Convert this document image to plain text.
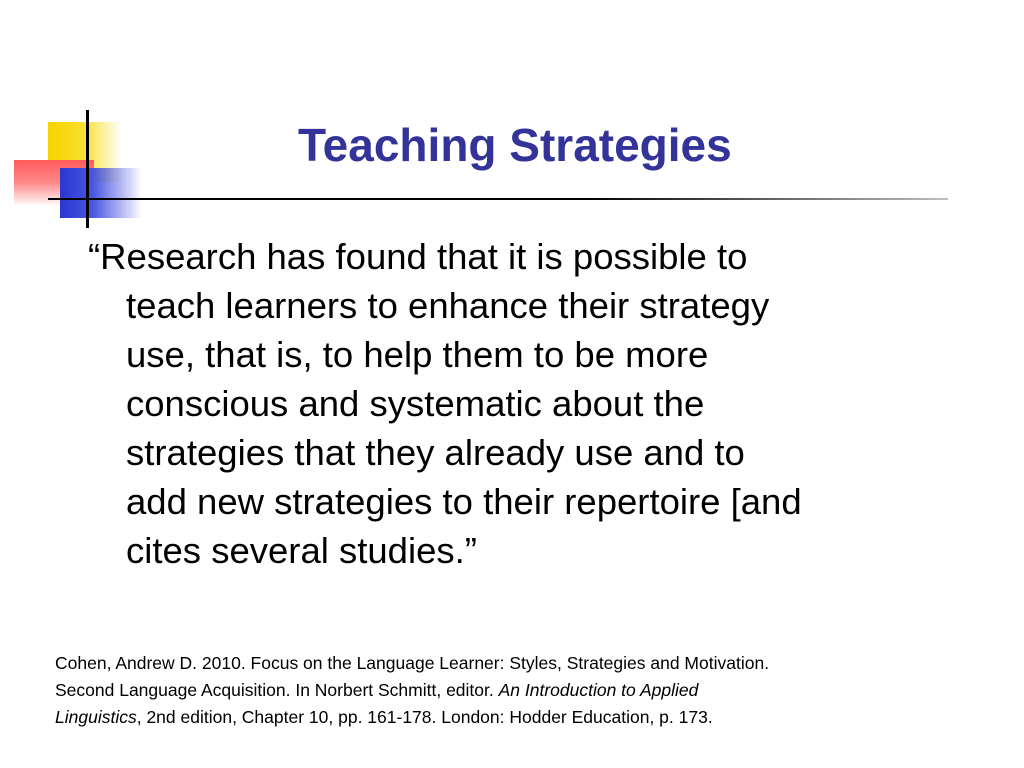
Teaching Strategies
“Research has found that it is possible to
teach learners to enhance their strategy
use, that is, to help them to be more
conscious and systematic about the
strategies that they already use and to
add new strategies to their repertoire [and
cites several studies.”
Cohen, Andrew D. 2010. Focus on the Language Learner: Styles, Strategies and Motivation.
Second Language Acquisition. In Norbert Schmitt, editor. An Introduction to Applied
Linguistics, 2nd edition, Chapter 10, pp. 161-178. London: Hodder Education, p. 173.
